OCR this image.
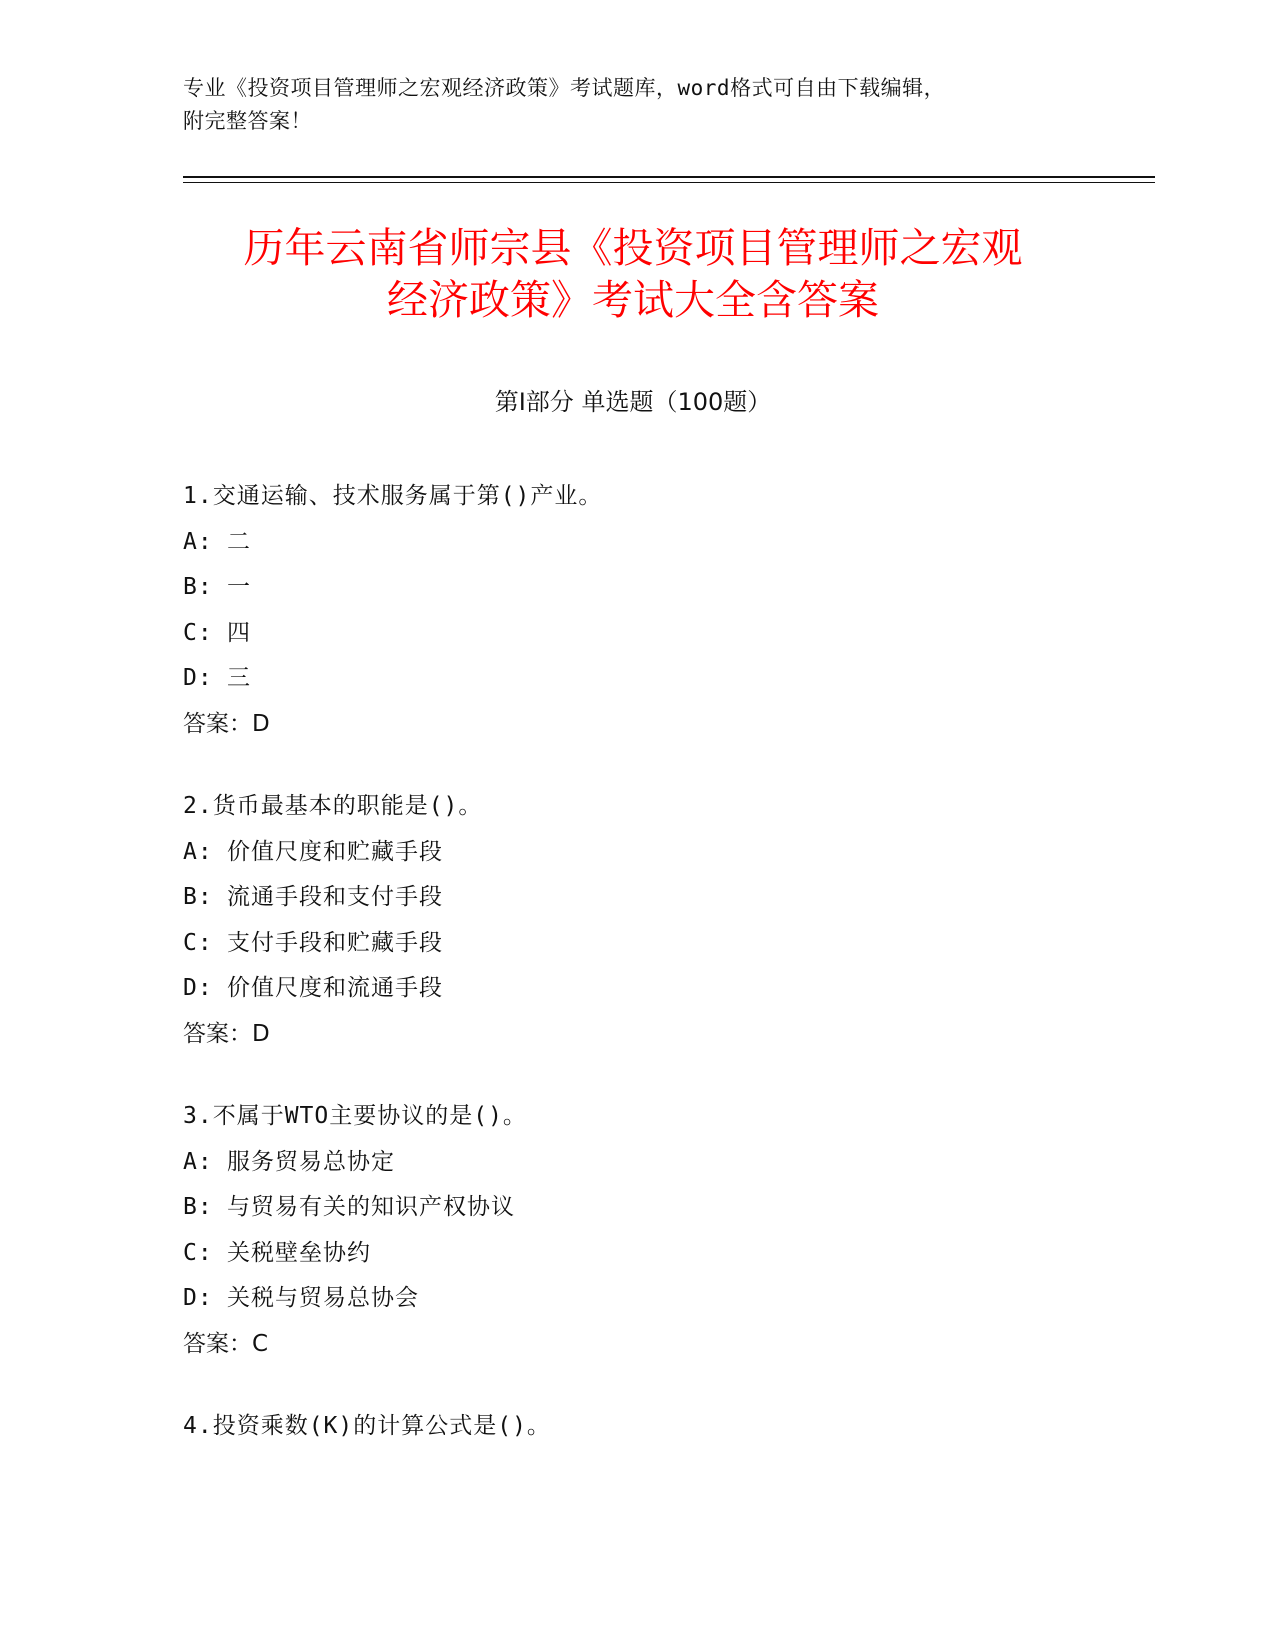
专业《投资项目管理师之宏观经济政策》考试题库，word格式可自由下载编辑，
附完整答案！
历年云南省师宗县《投资项目管理师之宏观
经济政策》考试大全含答案
第Ⅰ部分 单选题（100题）
1.交通运输、技术服务属于第()产业。
A: 二
B: 一
C: 四
D: 三
答案：D
2.货币最基本的职能是()。
A: 价值尺度和贮藏手段
B: 流通手段和支付手段
C: 支付手段和贮藏手段
D: 价值尺度和流通手段
答案：D
3.不属于WTO主要协议的是()。
A: 服务贸易总协定
B: 与贸易有关的知识产权协议
C: 关税壁垒协约
D: 关税与贸易总协会
答案：C
4.投资乘数(K)的计算公式是()。
